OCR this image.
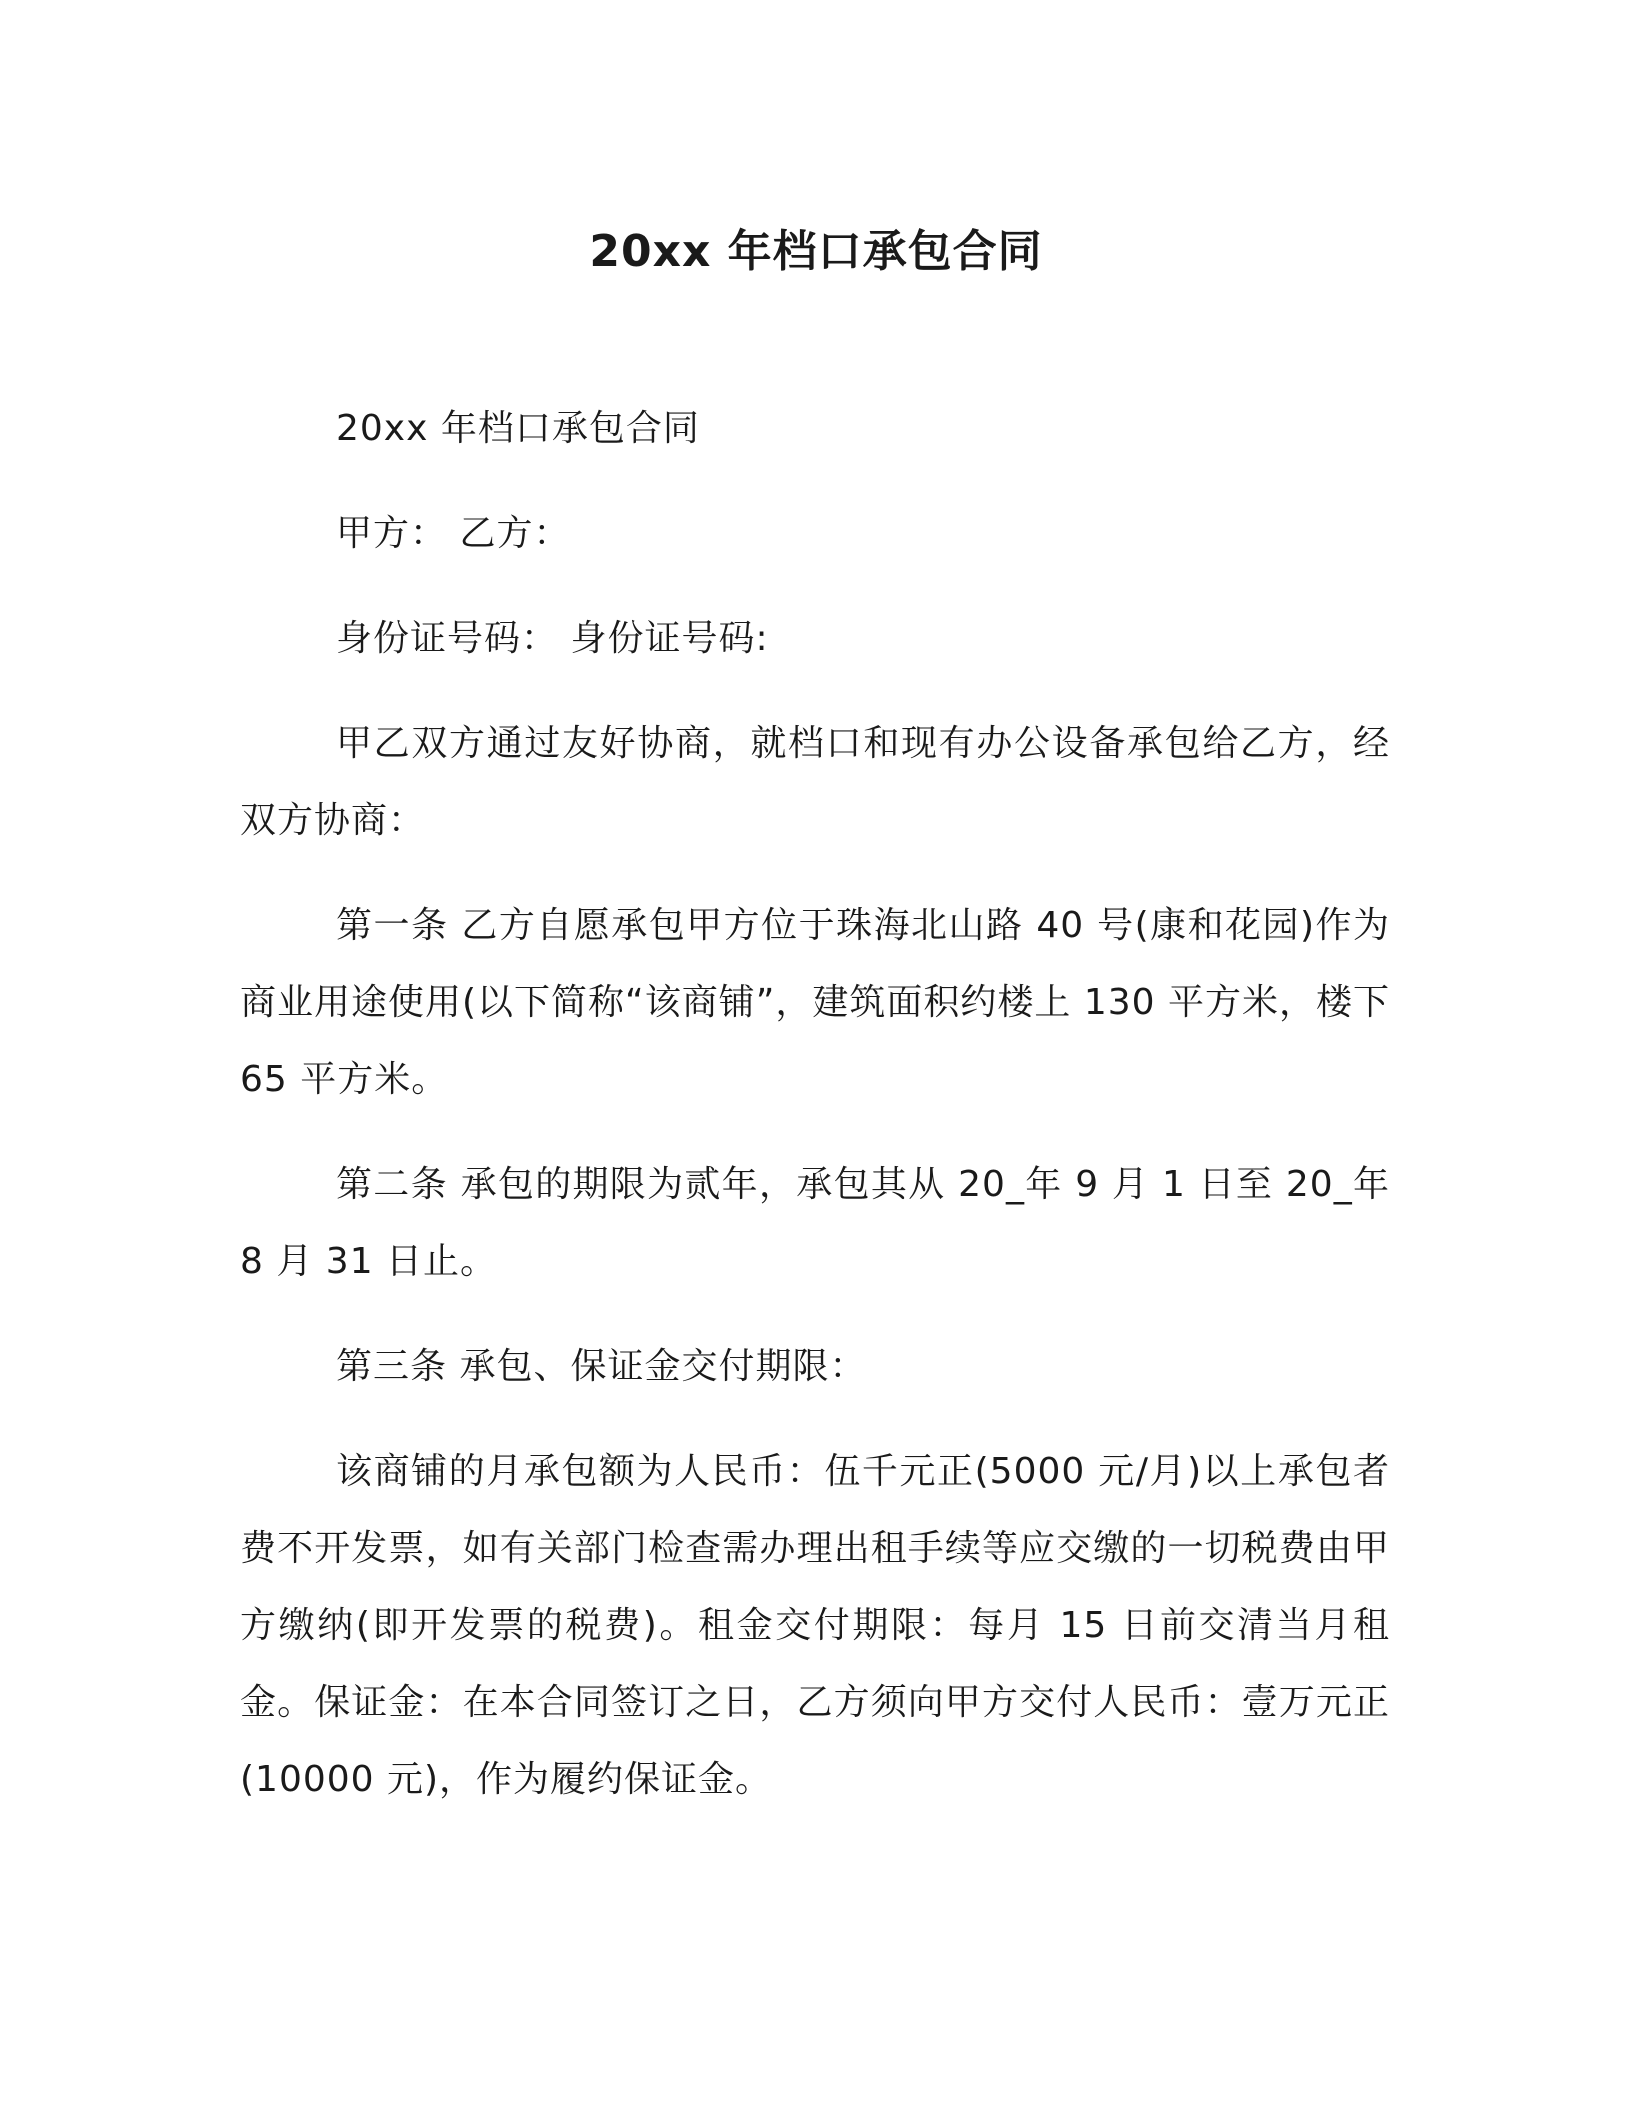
20xx 年档口承包合同

20xx 年档口承包合同

甲方： 乙方：

身份证号码： 身份证号码:

甲乙双方通过友好协商，就档口和现有办公设备承包给乙方，经双方协商：

第一条 乙方自愿承包甲方位于珠海北山路 40 号(康和花园)作为商业用途使用(以下简称“该商铺”，建筑面积约楼上 130 平方米，楼下 65 平方米。

第二条 承包的期限为贰年，承包其从 20_年 9 月 1 日至 20_年 8 月 31 日止。

第三条 承包、保证金交付期限：

该商铺的月承包额为人民币：伍千元正(5000 元/月)以上承包者费不开发票，如有关部门检查需办理出租手续等应交缴的一切税费由甲方缴纳(即开发票的税费)。租金交付期限：每月 15 日前交清当月租金。保证金：在本合同签订之日，乙方须向甲方交付人民币：壹万元正(10000 元)，作为履约保证金。
